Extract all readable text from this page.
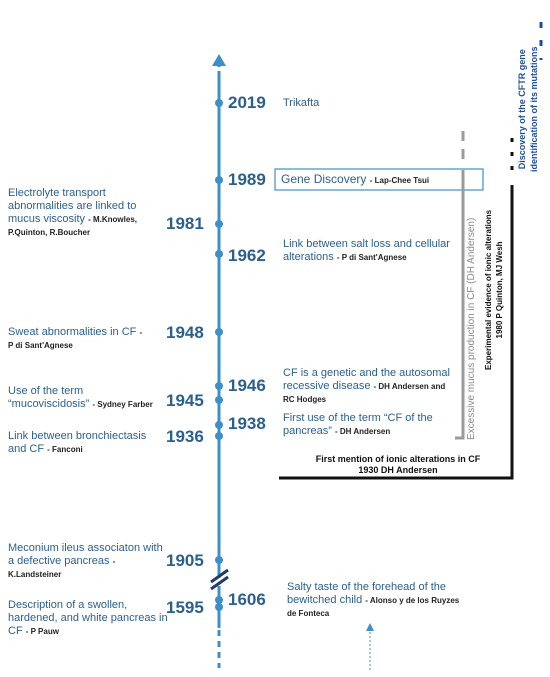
2019
1989
1981
1962
1948
1946
1945
1938
1936
1905
1606
1595
Trikafta
Gene Discovery - Lap-Chee Tsui
Link between salt loss and cellular alterations - P di Sant'Agnese
CF is a genetic and the autosomal recessive disease - DH Andersen and RC Hodges
First use of the term “CF of the pancreas” - DH Andersen
Salty taste of the forehead of the bewitched child - Alonso y de los Ruyzes de Fonteca
Electrolyte transport abnormalities are linked to mucus viscosity - M.Knowles, P.Quinton, R.Boucher
Sweat abnormalities in CF - P di Sant'Agnese
Use of the term “mucoviscidosis” - Sydney Farber
Link between bronchiectasis and CF - Fanconi
Meconium ileus associaton with a defective pancreas - K.Landsteiner
Description of a swollen, hardened, and white pancreas in CF - P Pauw
Excessive mucus production in CF (DH Andersen) Experimental evidence of ionic alterations 1980 P Quinton, MJ Wesh
Discovery of the CFTR gene identification of its mutations
First mention of ionic alterations in CF
1930 DH Andersen
